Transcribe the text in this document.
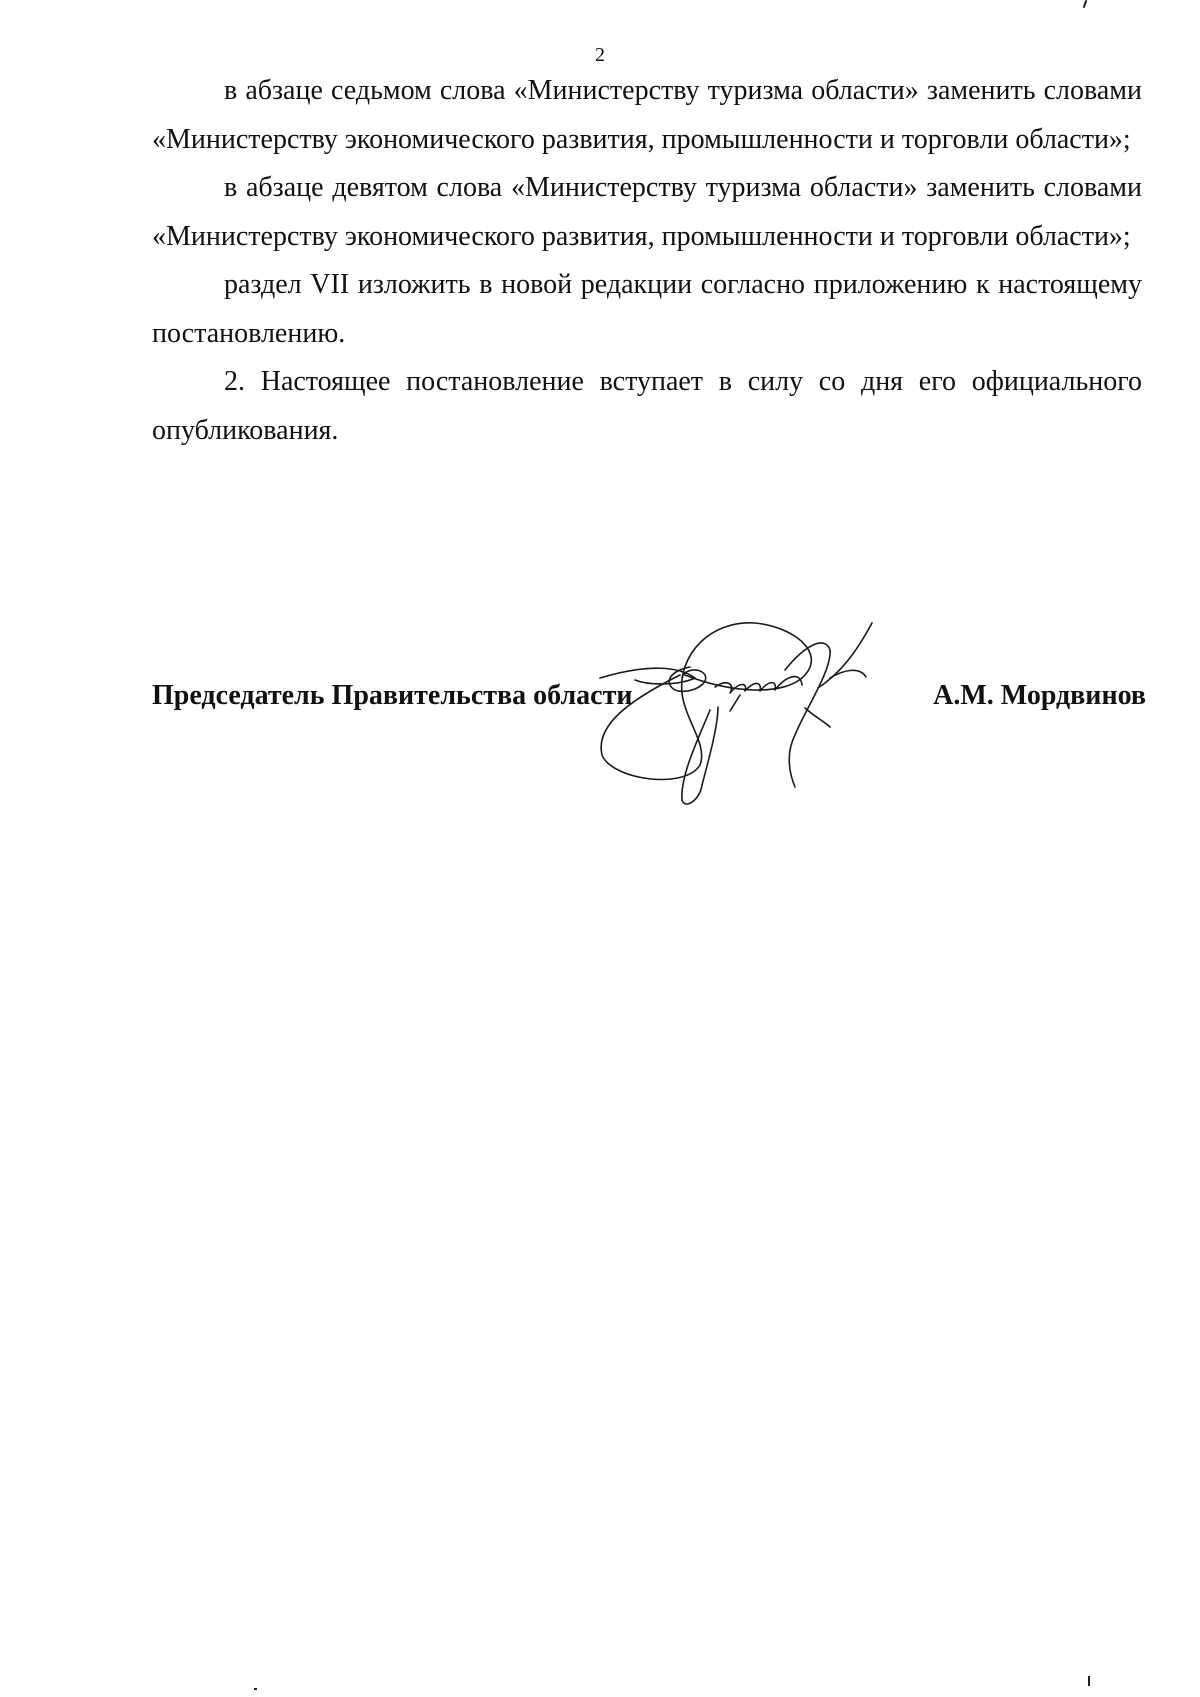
2

в абзаце седьмом слова «Министерству туризма области» заменить словами «Министерству экономического развития, промышленности и торговли области»;

в абзаце девятом слова «Министерству туризма области» заменить словами «Министерству экономического развития, промышленности и торговли области»;

раздел VII изложить в новой редакции согласно приложению к настоящему постановлению.

2. Настоящее постановление вступает в силу со дня его официального опубликования.

Председатель Правительства области	А.М. Мордвинов
